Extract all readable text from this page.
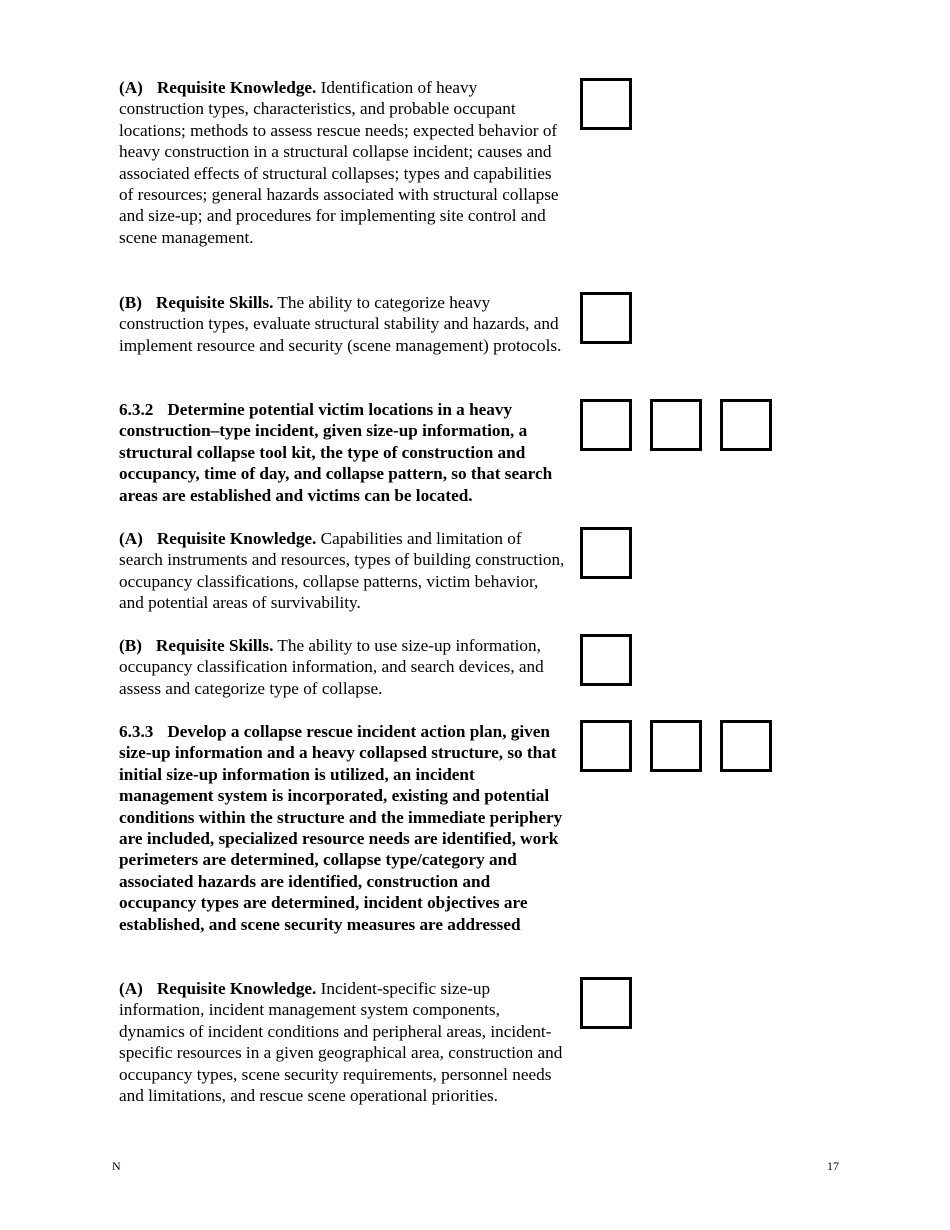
(A) Requisite Knowledge. Identification of heavy construction types, characteristics, and probable occupant locations; methods to assess rescue needs; expected behavior of heavy construction in a structural collapse incident; causes and associated effects of structural collapses; types and capabilities of resources; general hazards associated with structural collapse and size-up; and procedures for implementing site control and scene management.

(B) Requisite Skills. The ability to categorize heavy construction types, evaluate structural stability and hazards, and implement resource and security (scene management) protocols.

6.3.2 Determine potential victim locations in a heavy construction–type incident, given size-up information, a structural collapse tool kit, the type of construction and occupancy, time of day, and collapse pattern, so that search areas are established and victims can be located.

(A) Requisite Knowledge. Capabilities and limitation of search instruments and resources, types of building construction, occupancy classifications, collapse patterns, victim behavior, and potential areas of survivability.

(B) Requisite Skills. The ability to use size-up information, occupancy classification information, and search devices, and assess and categorize type of collapse.

6.3.3 Develop a collapse rescue incident action plan, given size-up information and a heavy collapsed structure, so that initial size-up information is utilized, an incident management system is incorporated, existing and potential conditions within the structure and the immediate periphery are included, specialized resource needs are identified, work perimeters are determined, collapse type/category and associated hazards are identified, construction and occupancy types are determined, incident objectives are established, and scene security measures are addressed

(A) Requisite Knowledge. Incident-specific size-up information, incident management system components, dynamics of incident conditions and peripheral areas, incident-specific resources in a given geographical area, construction and occupancy types, scene security requirements, personnel needs and limitations, and rescue scene operational priorities.

N	17
